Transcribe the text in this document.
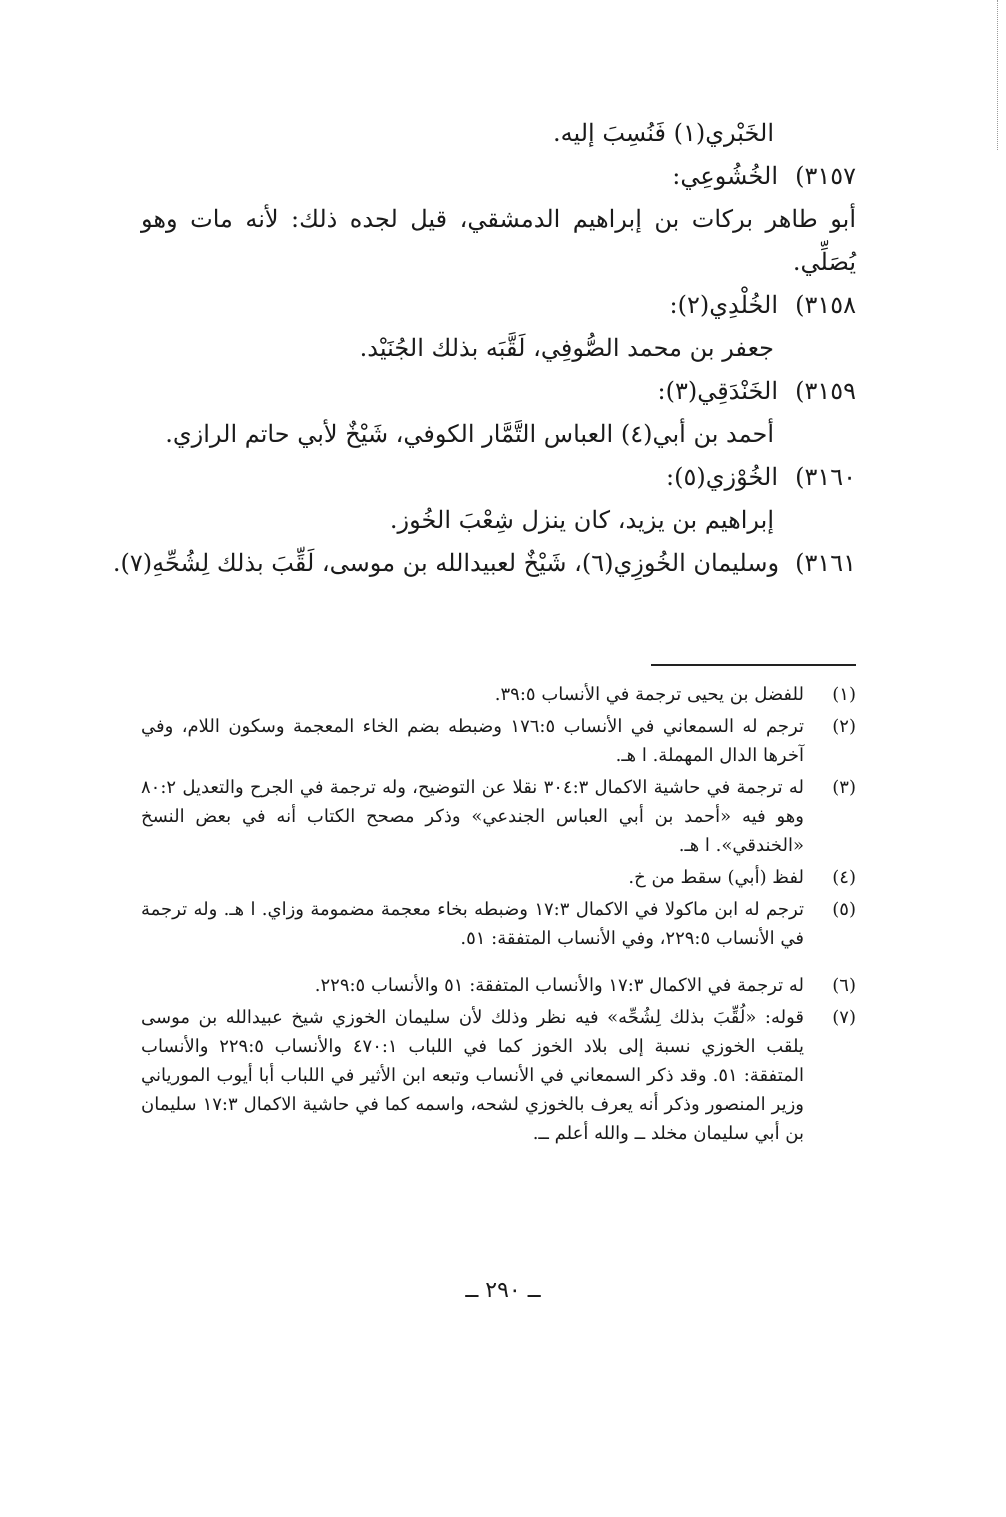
الخَبْري(١) فَنُسِبَ إليه.
٣١٥٧)
الخُشُوعِي:
أبو طاهر بركات بن إبراهيم الدمشقي، قيل لجده ذلك: لأنه مات وهو يُصَلِّي.
٣١٥٨)
الخُلْدِي(٢):
جعفر بن محمد الصُّوفِي، لَقَّبَه بذلك الجُنَيْد.
٣١٥٩)
الخَنْدَقِي(٣):
أحمد بن أبي(٤) العباس التَّمَّار الكوفي، شَيْخٌ لأبي حاتم الرازي.
٣١٦٠)
الخُوْزي(٥):
إبراهيم بن يزيد، كان ينزل شِعْبَ الخُوز.
٣١٦١)
وسليمان الخُوزِي(٦)، شَيْخٌ لعبيدالله بن موسى، لَقِّبَ بذلك لِشُحِّهِ(٧).
(١)
للفضل بن يحيى ترجمة في الأنساب ٣٩:٥.
(٢)
ترجم له السمعاني في الأنساب ١٧٦:٥ وضبطه بضم الخاء المعجمة وسكون اللام، وفي آخرها الدال المهملة. ا هـ.
(٣)
له ترجمة في حاشية الاكمال ٣٠٤:٣ نقلا عن التوضيح، وله ترجمة في الجرح والتعديل ٨٠:٢ وهو فيه «أحمد بن أبي العباس الجندعي» وذكر مصحح الكتاب أنه في بعض النسخ «الخندقي». ا هـ.
(٤)
لفظ (أبي) سقط من خ.
(٥)
ترجم له ابن ماكولا في الاكمال ١٧:٣ وضبطه بخاء معجمة مضمومة وزاي. ا هـ. وله ترجمة في الأنساب ٢٢٩:٥، وفي الأنساب المتفقة: ٥١.
(٦)
له ترجمة في الاكمال ١٧:٣ والأنساب المتفقة: ٥١ والأنساب ٢٢٩:٥.
(٧)
قوله: «لُقِّبَ بذلك لِشُحِّه» فيه نظر وذلك لأن سليمان الخوزي شيخ عبيدالله بن موسى يلقب الخوزي نسبة إلى بلاد الخوز كما في اللباب ٤٧٠:١ والأنساب ٢٢٩:٥ والأنساب المتفقة: ٥١. وقد ذكر السمعاني في الأنساب وتبعه ابن الأثير في اللباب أبا أيوب المورياني وزير المنصور وذكر أنه يعرف بالخوزي لشحه، واسمه كما في حاشية الاكمال ١٧:٣ سليمان بن أبي سليمان مخلد ــ والله أعلم ــ.
ــ ٢٩٠ ــ
